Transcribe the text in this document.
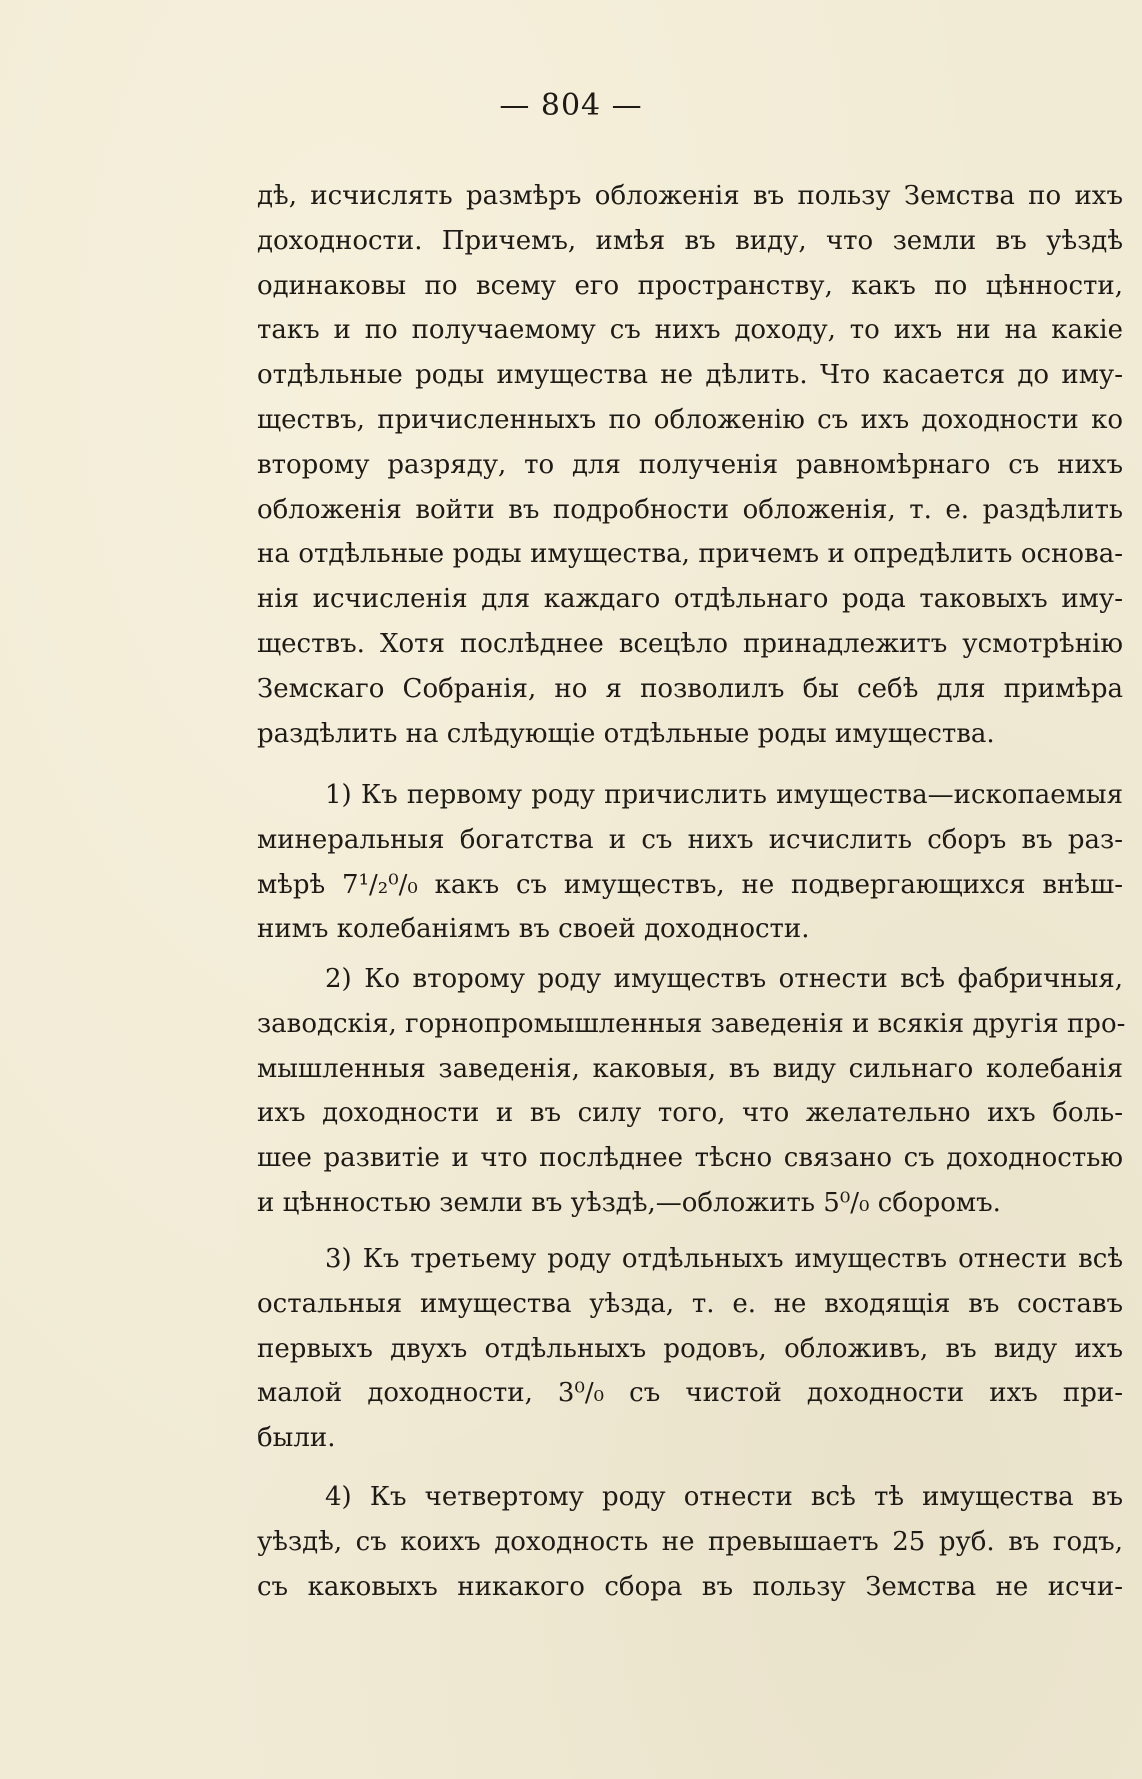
— 804 —
дѣ, исчислять размѣръ обложенія въ пользу Земства по ихъ
доходности. Причемъ, имѣя въ виду, что земли въ уѣздѣ
одинаковы по всему его пространству, какъ по цѣнности,
такъ и по получаемому съ нихъ доходу, то ихъ ни на какіе
отдѣльные роды имущества не дѣлить. Что касается до иму-
ществъ, причисленныхъ по обложенію съ ихъ доходности ко
второму разряду, то для полученія равномѣрнаго съ нихъ
обложенія войти въ подробности обложенія, т. е. раздѣлить
на отдѣльные роды имущества, причемъ и опредѣлить основа-
нія исчисленія для каждаго отдѣльнаго рода таковыхъ иму-
ществъ. Хотя послѣднее всецѣло принадлежитъ усмотрѣнію
Земскаго Собранія, но я позволилъ бы себѣ для примѣра
раздѣлить на слѣдующіе отдѣльные роды имущества.
1) Къ первому роду причислить имущества—ископаемыя
минеральныя богатства и съ нихъ исчислить сборъ въ раз-
мѣрѣ 7¹/₂⁰/₀ какъ съ имуществъ, не подвергающихся внѣш-
нимъ колебаніямъ въ своей доходности.
2) Ко второму роду имуществъ отнести всѣ фабричныя,
заводскія, горнопромышленныя заведенія и всякія другія про-
мышленныя заведенія, каковыя, въ виду сильнаго колебанія
ихъ доходности и въ силу того, что желательно ихъ боль-
шее развитіе и что послѣднее тѣсно связано съ доходностью
и цѣнностью земли въ уѣздѣ,—обложить 5⁰/₀ сборомъ.
3) Къ третьему роду отдѣльныхъ имуществъ отнести всѣ
остальныя имущества уѣзда, т. е. не входящія въ составъ
первыхъ двухъ отдѣльныхъ родовъ, обложивъ, въ виду ихъ
малой доходности, 3⁰/₀ съ чистой доходности ихъ при-
были.
4) Къ четвертому роду отнести всѣ тѣ имущества въ
уѣздѣ, съ коихъ доходность не превышаетъ 25 руб. въ годъ,
съ каковыхъ никакого сбора въ пользу Земства не исчи-
